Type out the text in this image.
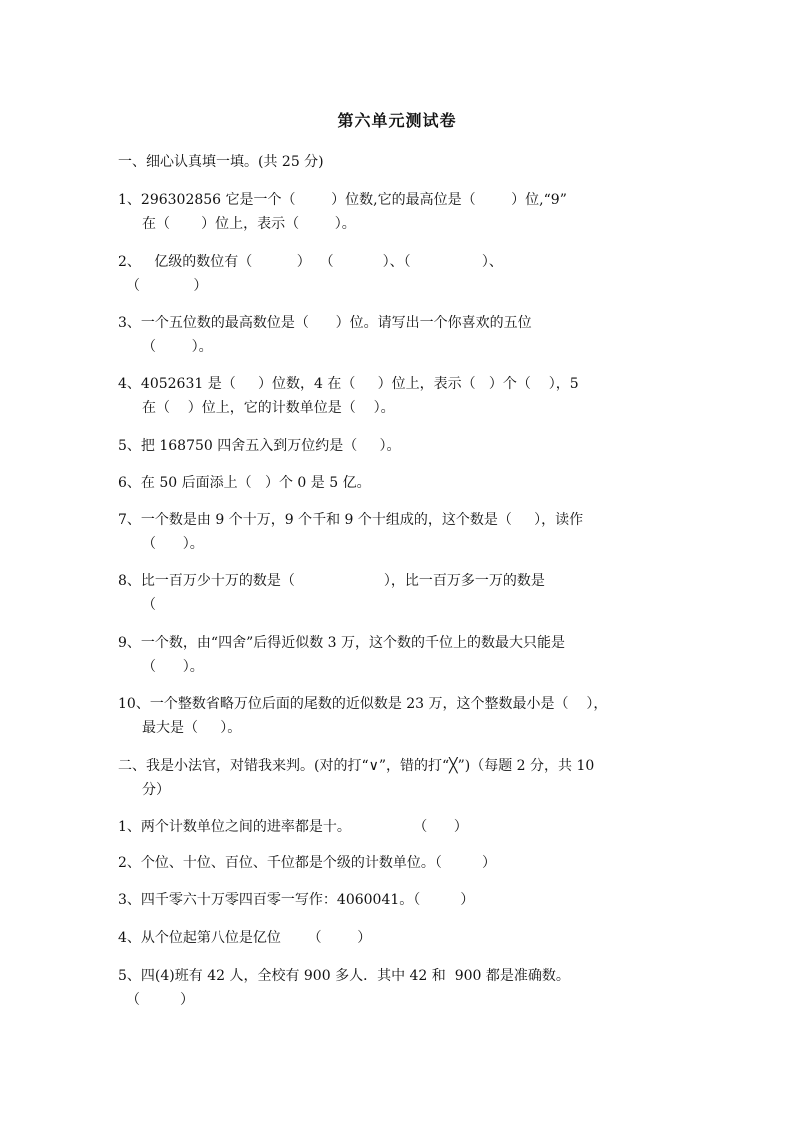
第六单元测试卷
一、细心认真填一填。(共 25 分)
1、296302856 它是一个（        ）位数,它的最高位是（        ）位,“9”
在（       ）位上，表示（        ）。
2、   亿级的数位有（          ）  （           ）、（                ）、
（            ）
3、一个五位数的最高数位是（      ）位。请写出一个你喜欢的五位
（        ）。
4、4052631 是（     ）位数，4 在（     ）位上，表示（   ）个（    ），5
在（    ）位上，它的计数单位是（    ）。
5、把 168750 四舍五入到万位约是（     ）。
6、在 50 后面添上（   ）个 0 是 5 亿。
7、一个数是由 9 个十万，9 个千和 9 个十组成的，这个数是（     ），读作
（      ）。
8、比一百万少十万的数是（                    ），比一百万多一万的数是
（
9、一个数，由“四舍”后得近似数 3 万，这个数的千位上的数最大只能是
（      ）。
10、一个整数省略万位后面的尾数的近似数是 23 万，这个整数最小是（    ），
最大是（     ）。
二、我是小法官，对错我来判。(对的打“∨”，错的打“╳”)（每题 2 分，共 10
分）
1、两个计数单位之间的进率都是十。              （      ）
2、个位、十位、百位、千位都是个级的计数单位。（         ）
3、四千零六十万零四百零一写作：4060041。（         ）
4、从个位起第八位是亿位      （        ）
5、四(4)班有 42 人，全校有 900 多人．其中 42 和  900 都是准确数。
（         ）
